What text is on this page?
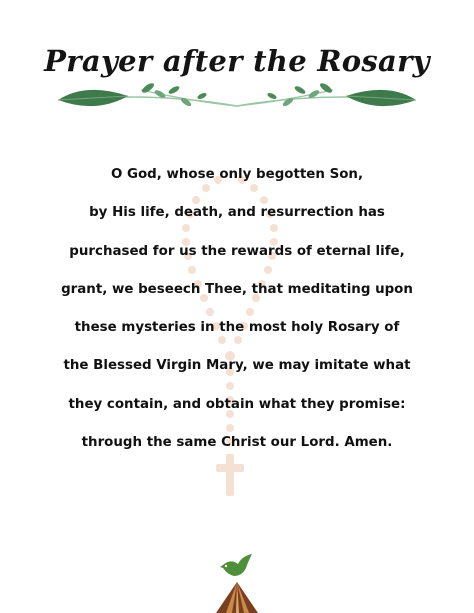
Prayer after the Rosary
O God, whose only begotten Son,
by His life, death, and resurrection has
purchased for us the rewards of eternal life,
grant, we beseech Thee, that meditating upon
these mysteries in the most holy Rosary of
the Blessed Virgin Mary, we may imitate what
they contain, and obtain what they promise:
through the same Christ our Lord. Amen.
